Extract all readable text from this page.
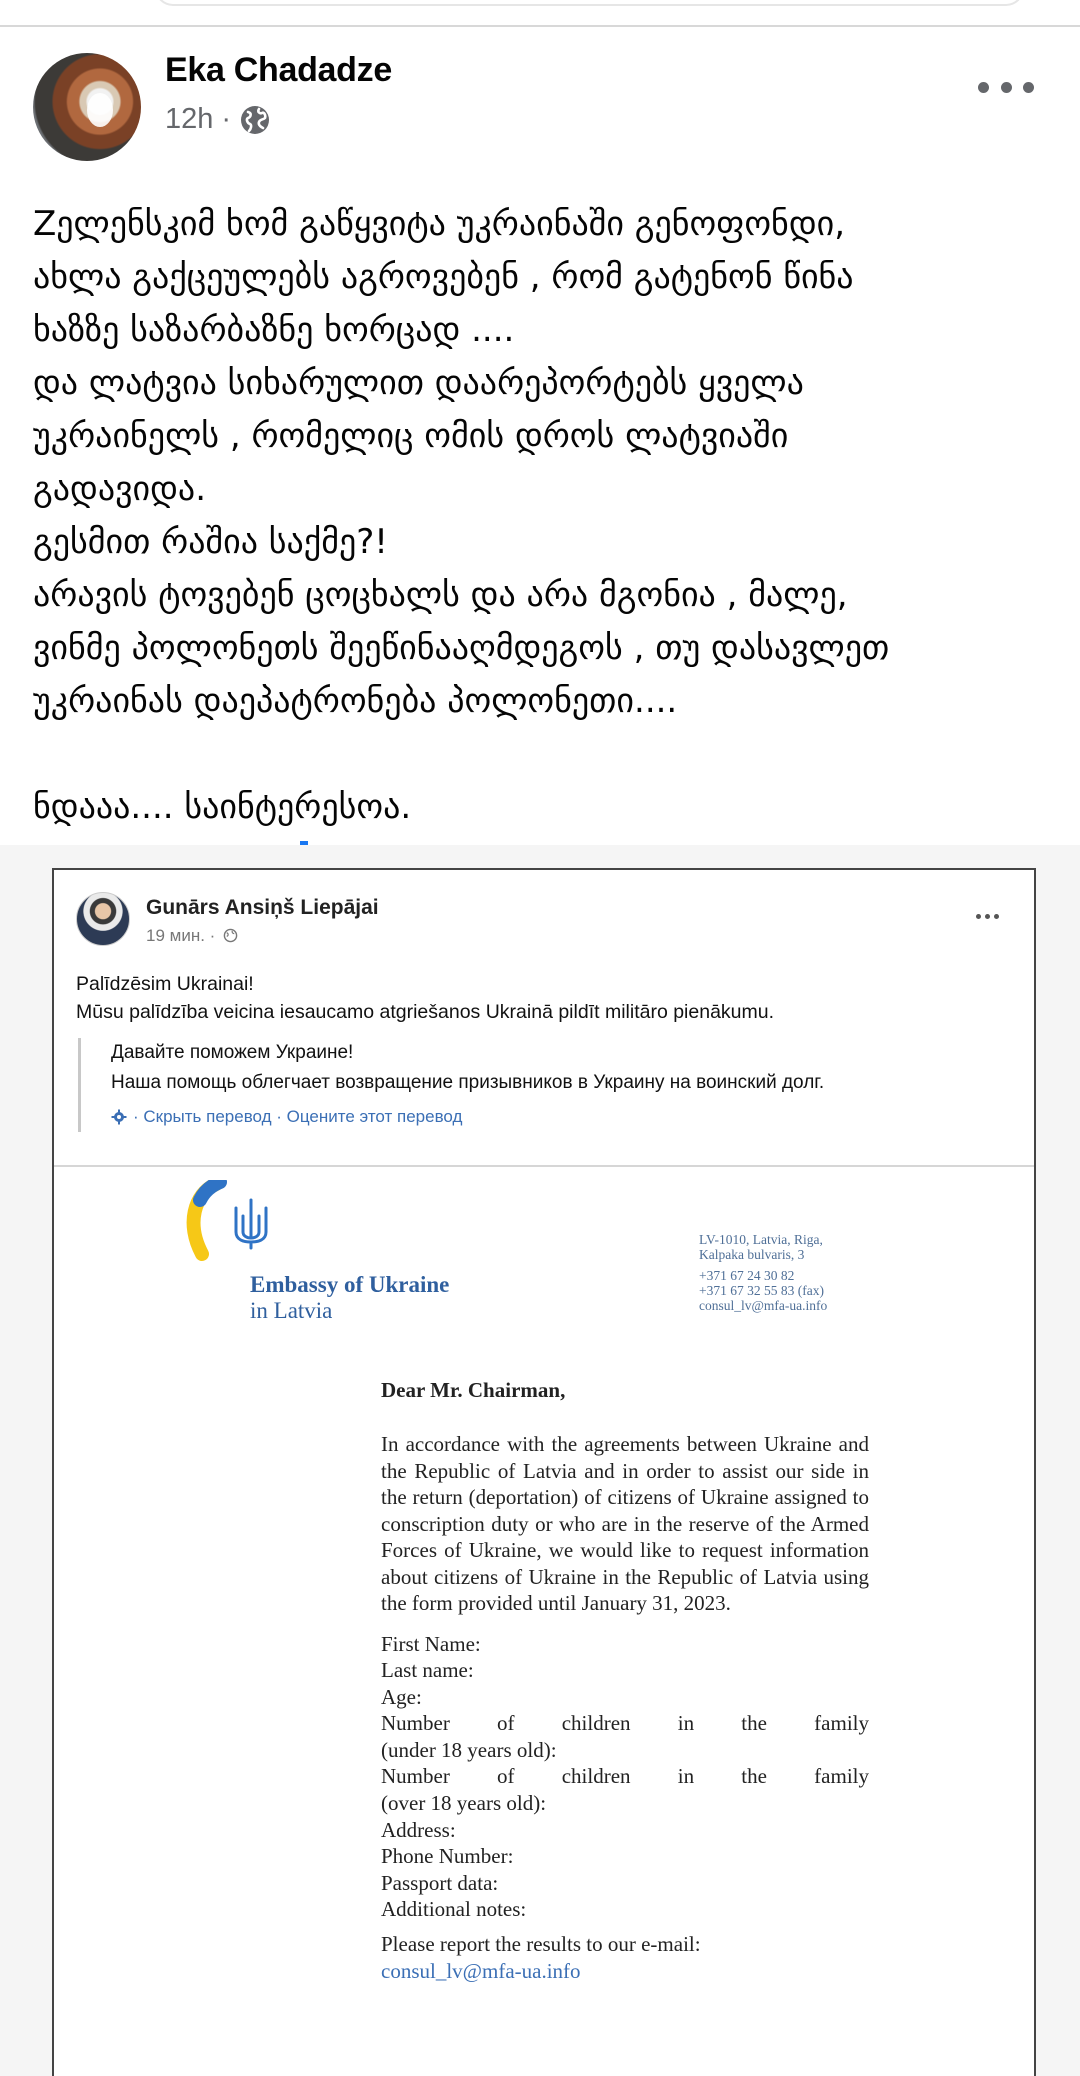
Eka Chadadze
12h ·

Zელენსკიმ ხომ გაწყვიტა უკრაინაში გენოფონდი,

ახლა გაქცეულებს აგროვებენ , რომ გატენონ წინა

ხაზზე საზარბაზნე ხორცად ....

და ლატვია სიხარულით დაარეპორტებს ყველა

უკრაინელს , რომელიც ომის დროს ლატვიაში

გადავიდა.

გესმით რაშია საქმე?!

არავის ტოვებენ ცოცხალს და არა მგონია , მალე,

ვინმე პოლონეთს შეეწინააღმდეგოს , თუ დასავლეთ

უკრაინას დაეპატრონება პოლონეთი....

ნდააა.... საინტერესოა.

Gunārs Ansiņš Liepājai
19 мин. ·

Palīdzēsim Ukrainai!

Mūsu palīdzība veicina iesaucamo atgriešanos Ukrainā pildīt militāro pienākumu.

Давайте поможем Украине!

Наша помощь облегчает возвращение призывников в Украину на воинский долг.

· Скрыть перевод · Оцените этот перевод
Embassy of Ukraine
in Latvia

LV-1010, Latvia, Riga,

Kalpaka bulvaris, 3

+371 67 24 30 82

+371 67 32 55 83 (fax)

consul_lv@mfa-ua.info

Dear Mr. Chairman,

In accordance with the agreements between Ukraine and the Republic of Latvia and in order to assist our side in the return (deportation) of citizens of Ukraine assigned to conscription duty or who are in the reserve of the Armed Forces of Ukraine, we would like to request information about citizens of Ukraine in the Republic of Latvia using the form provided until January 31, 2023.

First Name:

Last name:

Age:

Number of children in the family

(under 18 years old):

Number of children in the family

(over 18 years old):

Address:

Phone Number:

Passport data:

Additional notes:

Please report the results to our e-mail:

consul_lv@mfa-ua.info
